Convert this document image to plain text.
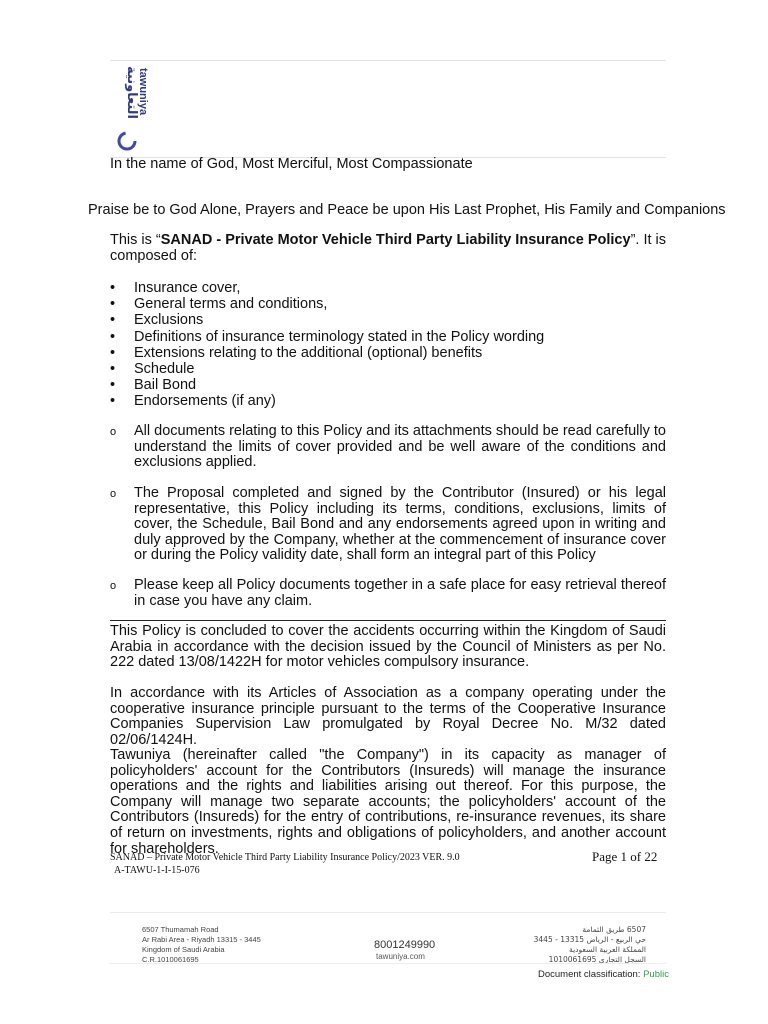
التعاونية
tawuniya
In the name of God, Most Merciful, Most Compassionate
Praise be to God Alone, Prayers and Peace be upon His Last Prophet, His Family and Companions
This is “SANAD - Private Motor Vehicle Third Party Liability Insurance Policy”. It is composed of:
• Insurance cover,
• General terms and conditions,
• Exclusions
• Definitions of insurance terminology stated in the Policy wording
• Extensions relating to the additional (optional) benefits
• Schedule
• Bail Bond
• Endorsements (if any)
o All documents relating to this Policy and its attachments should be read carefully to understand the limits of cover provided and be well aware of the conditions and exclusions applied.
o The Proposal completed and signed by the Contributor (Insured) or his legal representative, this Policy including its terms, conditions, exclusions, limits of cover, the Schedule, Bail Bond and any endorsements agreed upon in writing and duly approved by the Company, whether at the commencement of insurance cover or during the Policy validity date, shall form an integral part of this Policy
o Please keep all Policy documents together in a safe place for easy retrieval thereof in case you have any claim.
This Policy is concluded to cover the accidents occurring within the Kingdom of Saudi Arabia in accordance with the decision issued by the Council of Ministers as per No. 222 dated 13/08/1422H for motor vehicles compulsory insurance.
In accordance with its Articles of Association as a company operating under the cooperative insurance principle pursuant to the terms of the Cooperative Insurance Companies Supervision Law promulgated by Royal Decree No. M/32 dated 02/06/1424H.
Tawuniya (hereinafter called "the Company") in its capacity as manager of policyholders' account for the Contributors (Insureds) will manage the insurance operations and the rights and liabilities arising out thereof. For this purpose, the Company will manage two separate accounts; the policyholders' account of the Contributors (Insureds) for the entry of contributions, re-insurance revenues, its share of return on investments, rights and obligations of policyholders, and another account for shareholders.
SANAD – Private Motor Vehicle Third Party Liability Insurance Policy/2023 VER. 9.0	Page 1 of 22
A-TAWU-1-I-15-076
6507 Thumamah Road
Ar Rabi Area - Riyadh 13315 - 3445
Kingdom of Saudi Arabia
C.R.1010061695
8001249990
tawuniya.com
6507 طريق الثمامة
حي الربيع - الرياض 13315 - 3445
المملكة العربية السعودية
السجل التجاري 1010061695
Document classification: Public
